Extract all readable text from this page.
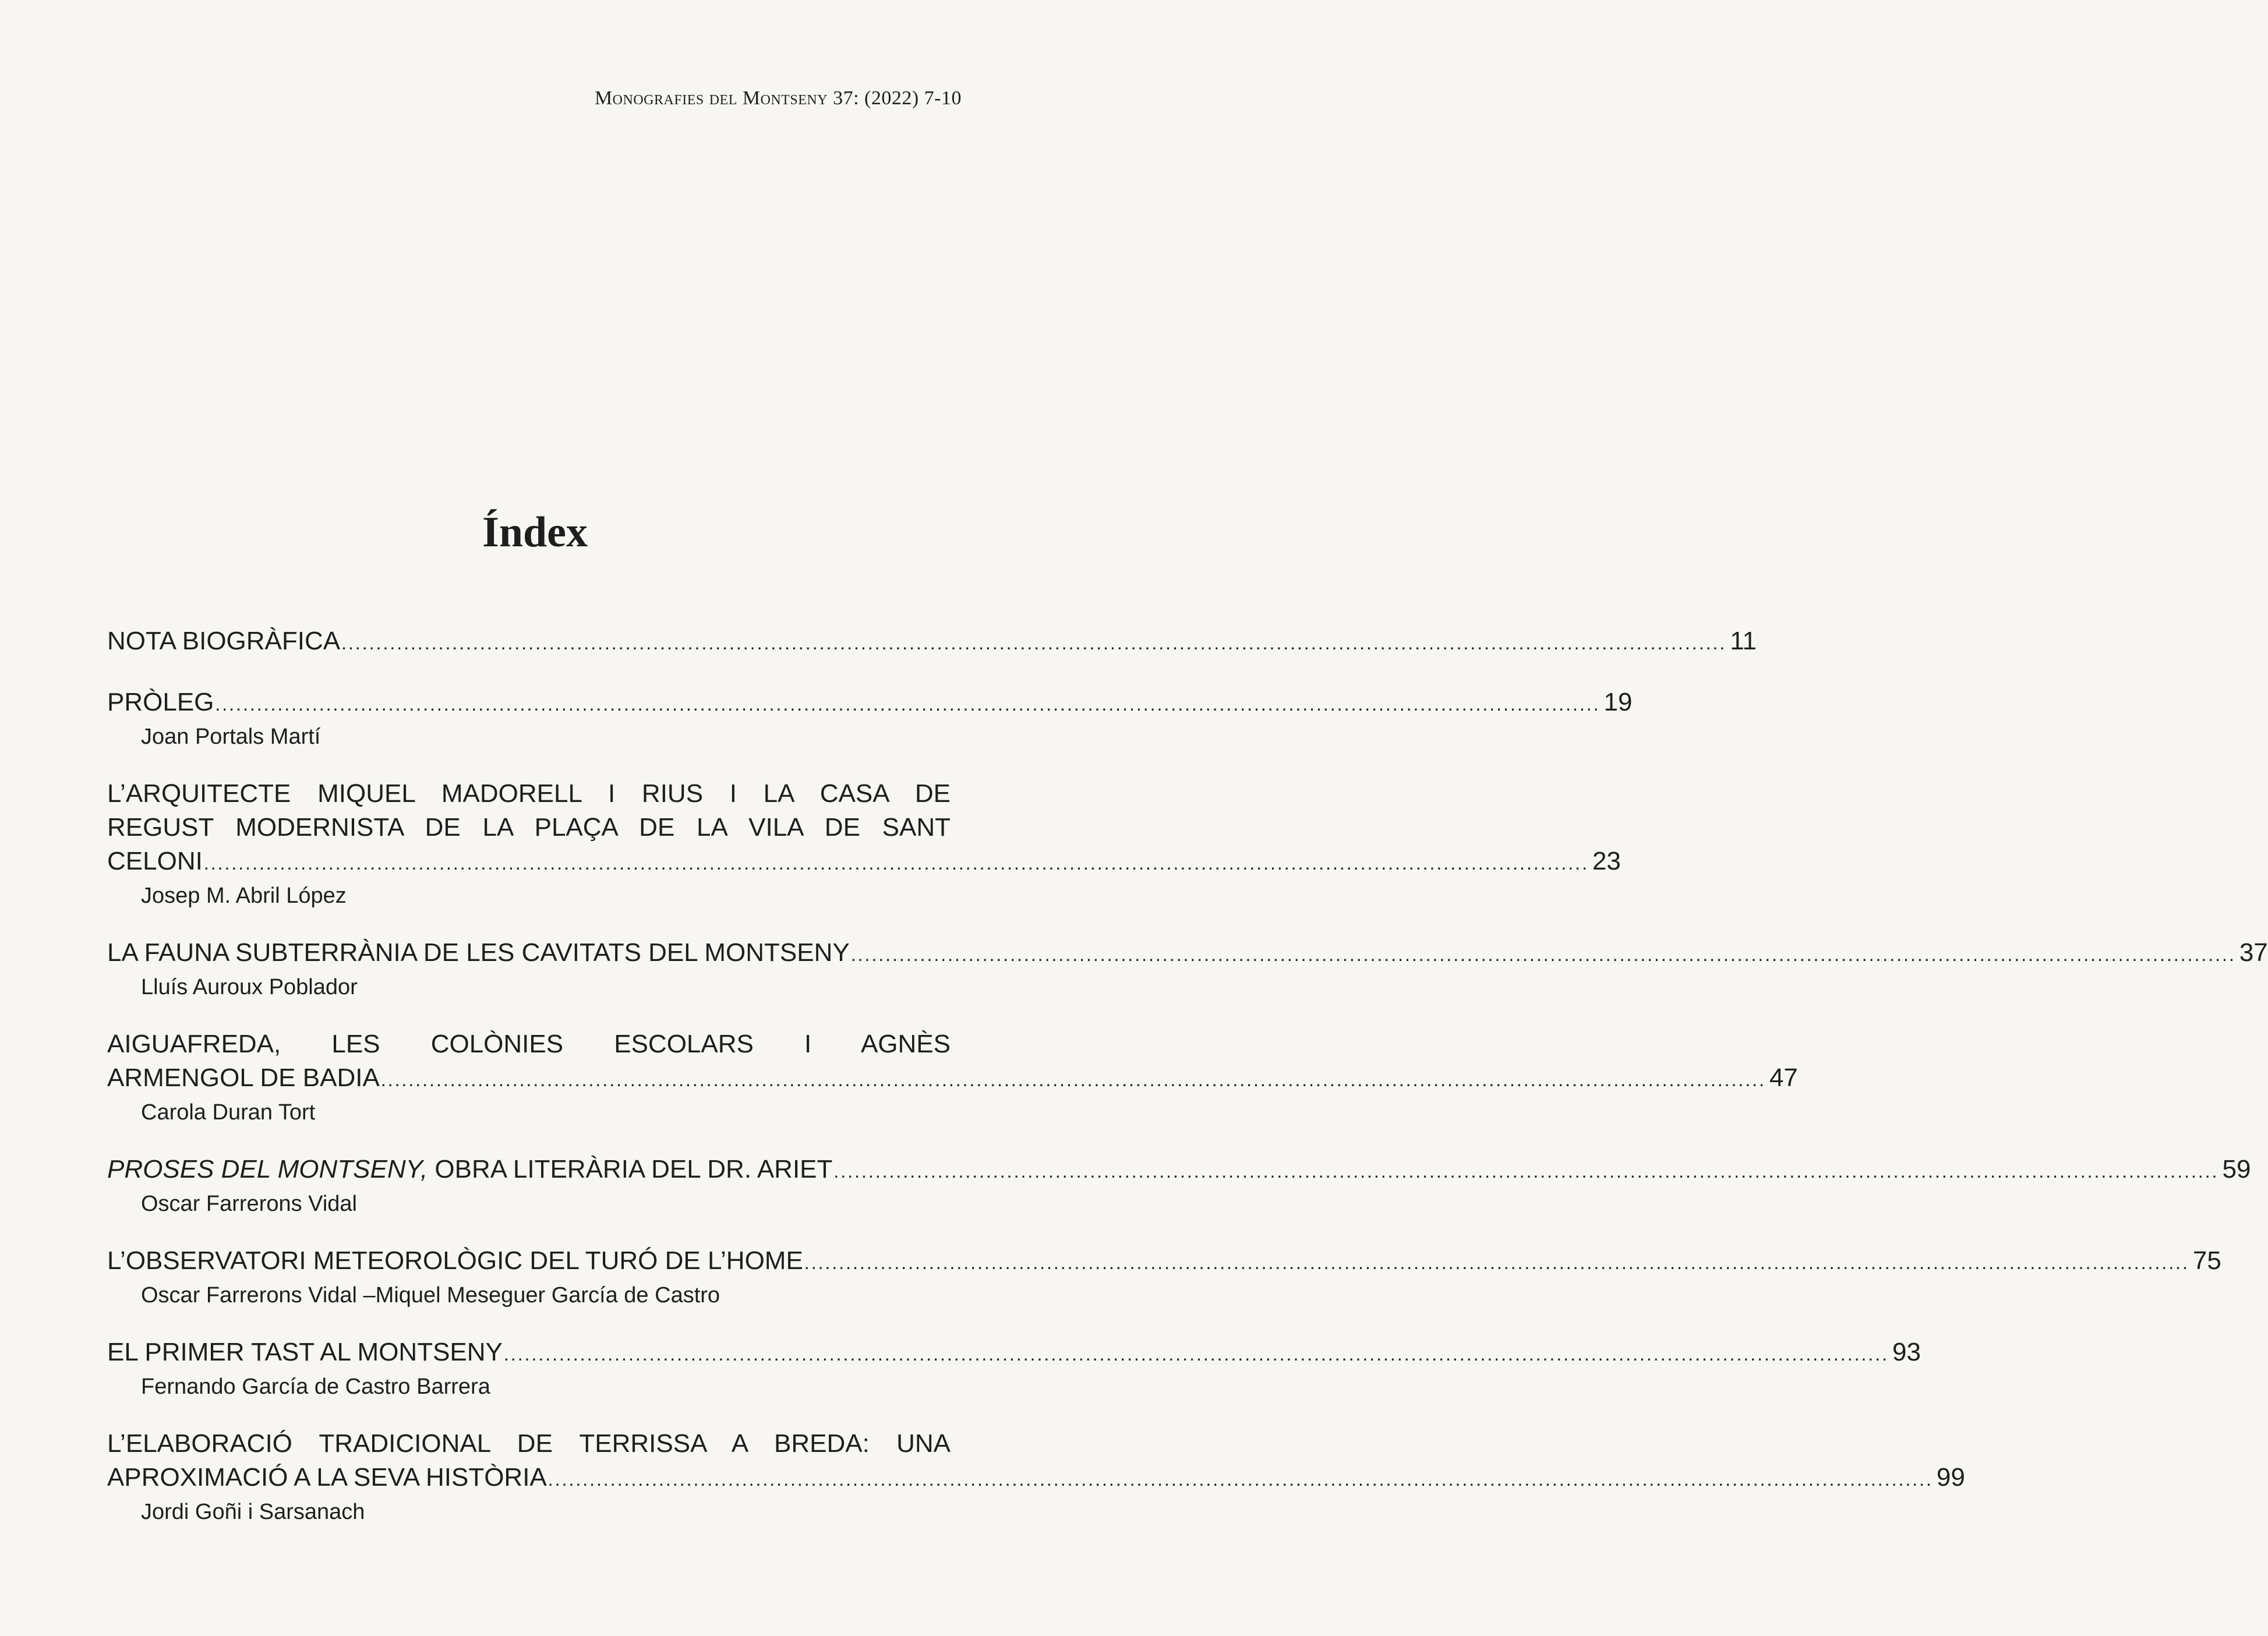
Monografies del Montseny 37: (2022) 7-10
Índex
NOTA BIOGRÀFICA ........................................................................................................................................................................................................ 11
PRÒLEG ........................................................................................................................................................................................................ 19
Joan Portals Martí
L’ARQUITECTE MIQUEL MADORELL I RIUS I LA CASA DE
REGUST MODERNISTA DE LA PLAÇA DE LA VILA DE SANT
CELONI ........................................................................................................................................................................................................ 23
Josep M. Abril López
LA FAUNA SUBTERRÀNIA DE LES CAVITATS DEL MONTSENY ........................................................................................................................................................................................................ 37
Lluís Auroux Poblador
AIGUAFREDA, LES COLÒNIES ESCOLARS I AGNÈS
ARMENGOL DE BADIA ........................................................................................................................................................................................................ 47
Carola Duran Tort
PROSES DEL MONTSENY, OBRA LITERÀRIA DEL DR. ARIET ........................................................................................................................................................................................................ 59
Oscar Farrerons Vidal
L’OBSERVATORI METEOROLÒGIC DEL TURÓ DE L’HOME ........................................................................................................................................................................................................ 75
Oscar Farrerons Vidal –Miquel Meseguer García de Castro
EL PRIMER TAST AL MONTSENY ........................................................................................................................................................................................................ 93
Fernando García de Castro Barrera
L’ELABORACIÓ TRADICIONAL DE TERRISSA A BREDA: UNA
APROXIMACIÓ A LA SEVA HISTÒRIA ........................................................................................................................................................................................................ 99
Jordi Goñi i Sarsanach
